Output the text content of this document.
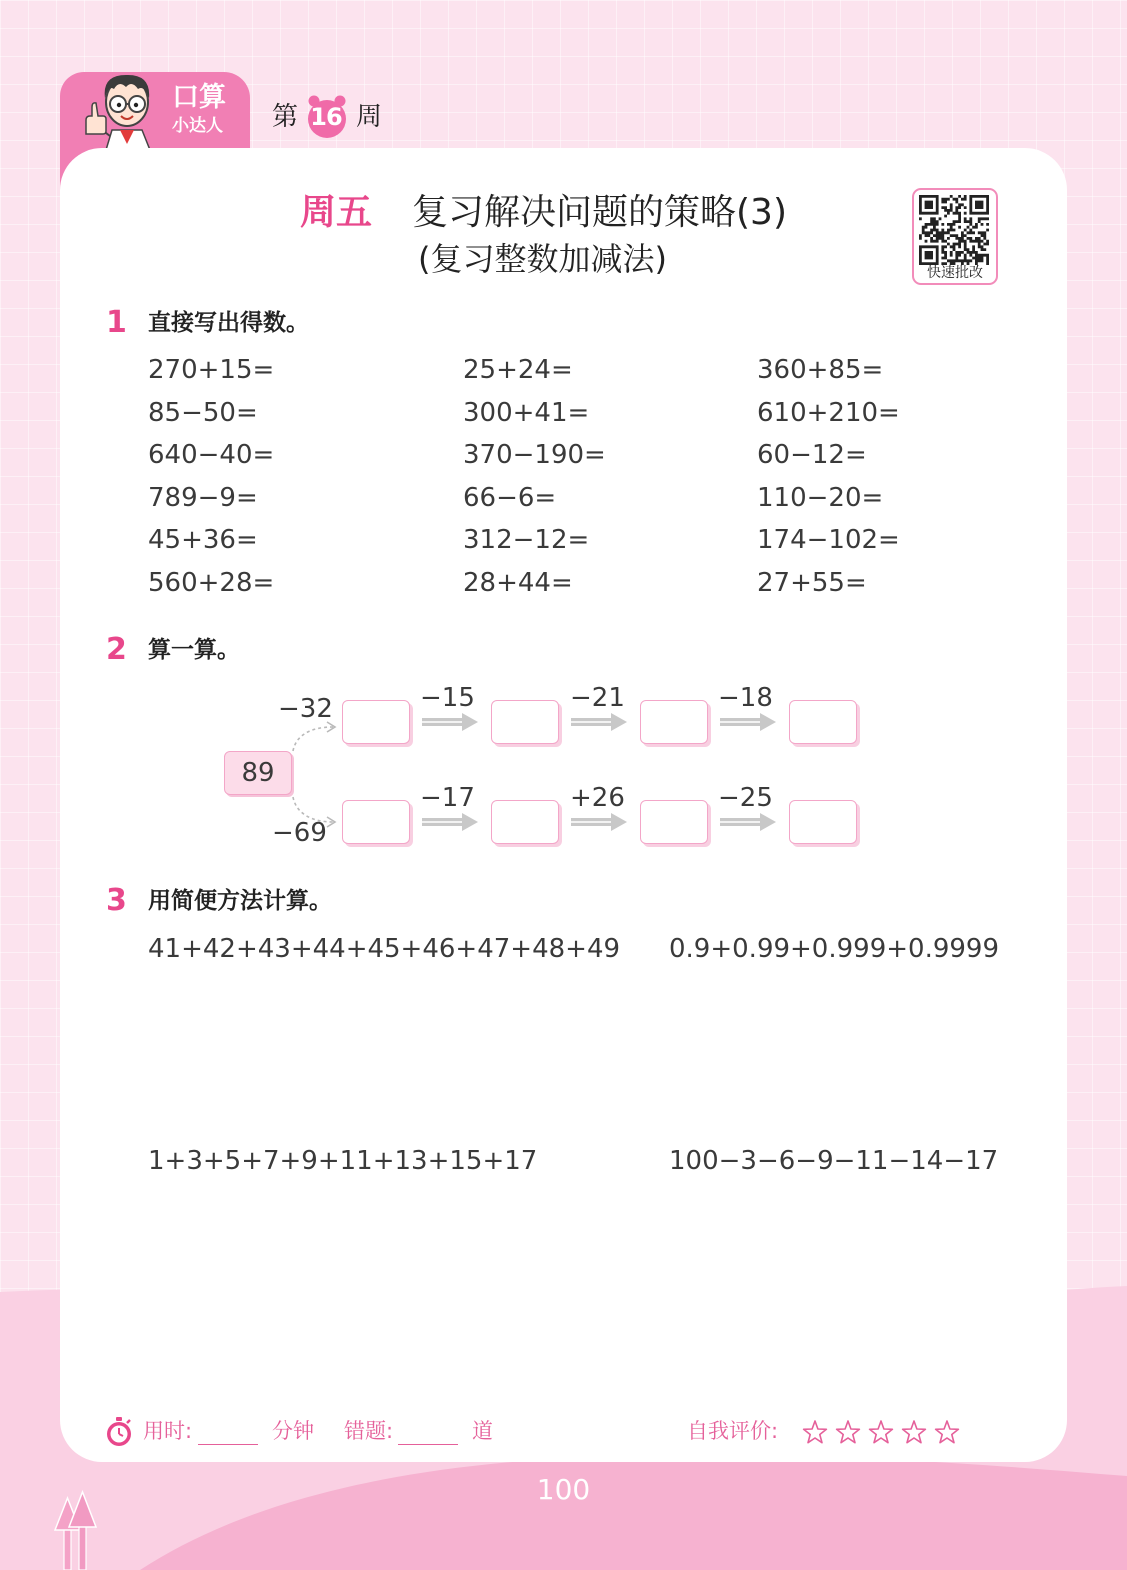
口算
小达人 第 16 周
周五 复习解决问题的策略(3)
(复习整数加减法)	快速批改
1 直接写出得数。
270+15=	25+24=	360+85=
85−50=	300+41=	610+210=
640−40=	370−190=	60−12=
789−9=	66−6=	110−20=
45+36=	312−12=	174−102=
560+28=	28+44=	27+55=
2 算一算。
89
−32	−15	−21	−18
−69
−17	+26	−25
3 用简便方法计算。
41+42+43+44+45+46+47+48+49 0.9+0.99+0.999+0.9999
1+3+5+7+9+11+13+15+17	100−3−6−9−11−14−17
用时:	分钟 错题:	道	自我评价:
100
